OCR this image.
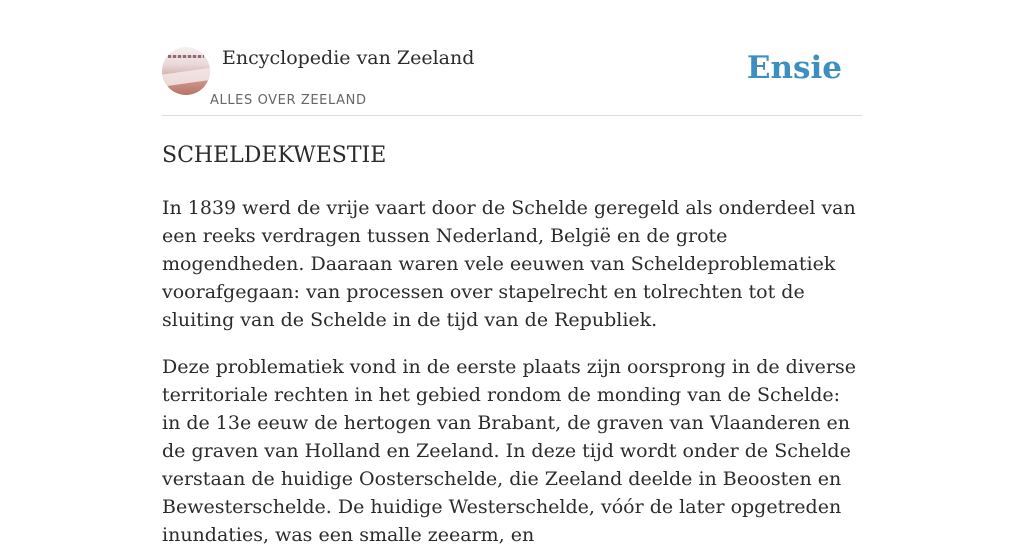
Encyclopedie van Zeeland
ALLES OVER ZEELAND
Ensie
SCHELDEKWESTIE

In 1839 werd de vrije vaart door de Schelde geregeld als onderdeel van een reeks verdragen tussen Nederland, België en de grote mogendheden. Daaraan waren vele eeuwen van Scheldeproblematiek voorafgegaan: van processen over stapelrecht en tolrechten tot de sluiting van de Schelde in de tijd van de Republiek.

Deze problematiek vond in de eerste plaats zijn oorsprong in de diverse territoriale rechten in het gebied rondom de monding van de Schelde: in de 13e eeuw de hertogen van Brabant, de graven van Vlaanderen en de graven van Holland en Zeeland. In deze tijd wordt onder de Schelde verstaan de huidige Oosterschelde, die Zeeland deelde in Beoosten en Bewesterschelde. De huidige Westerschelde, vóór de later opgetreden inundaties, was een smalle zeearm, en
